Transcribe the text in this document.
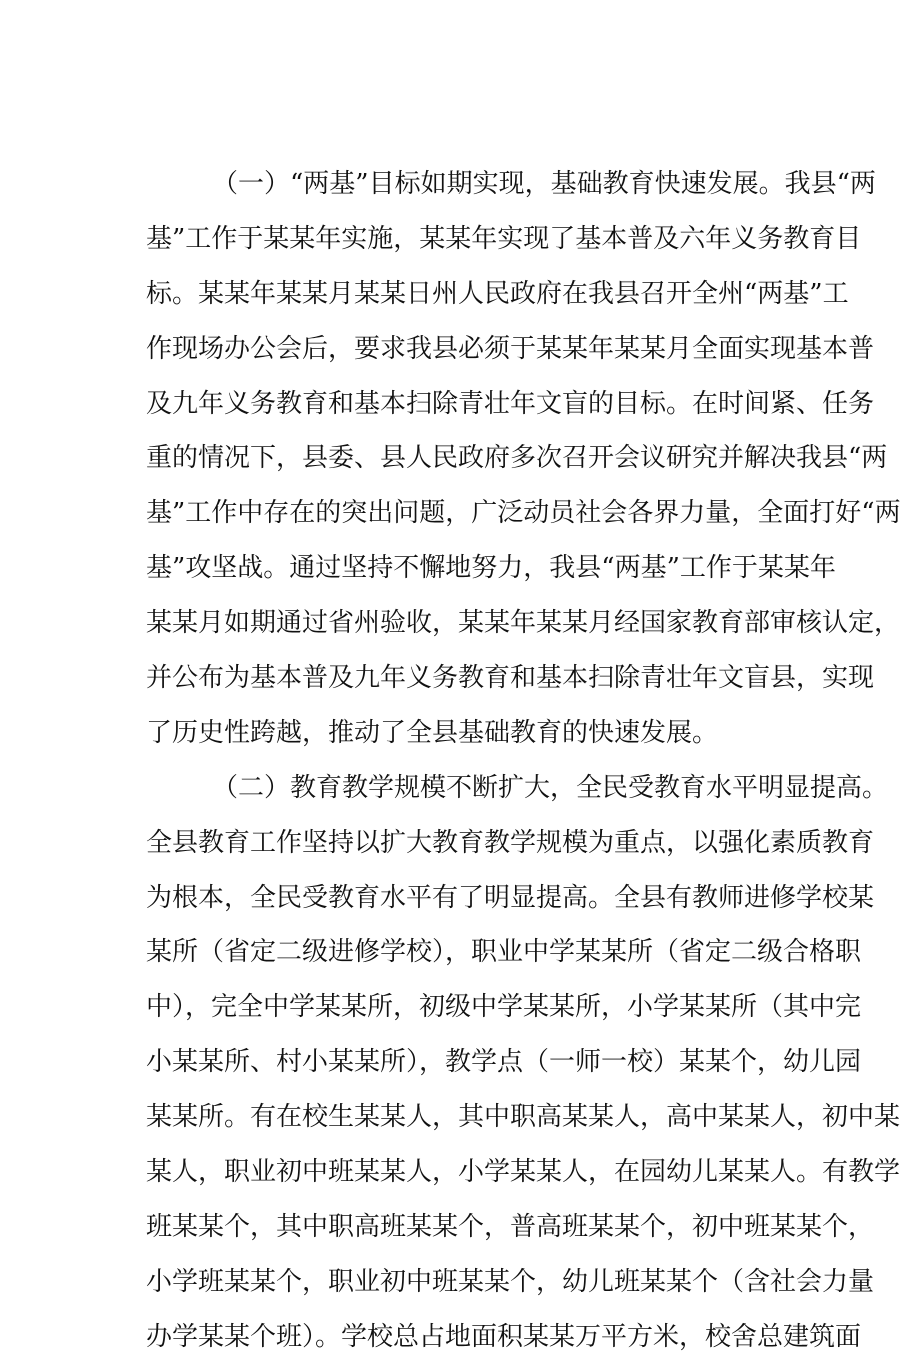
（一）“两基”目标如期实现，基础教育快速发展。我县“两
基”工作于某某年实施，某某年实现了基本普及六年义务教育目
标。某某年某某月某某日州人民政府在我县召开全州“两基”工
作现场办公会后，要求我县必须于某某年某某月全面实现基本普
及九年义务教育和基本扫除青壮年文盲的目标。在时间紧、任务
重的情况下，县委、县人民政府多次召开会议研究并解决我县“两
基”工作中存在的突出问题，广泛动员社会各界力量，全面打好“两
基”攻坚战。通过坚持不懈地努力，我县“两基”工作于某某年
某某月如期通过省州验收，某某年某某月经国家教育部审核认定，
并公布为基本普及九年义务教育和基本扫除青壮年文盲县，实现
了历史性跨越，推动了全县基础教育的快速发展。
（二）教育教学规模不断扩大，全民受教育水平明显提高。
全县教育工作坚持以扩大教育教学规模为重点，以强化素质教育
为根本，全民受教育水平有了明显提高。全县有教师进修学校某
某所（省定二级进修学校），职业中学某某所（省定二级合格职
中），完全中学某某所，初级中学某某所，小学某某所（其中完
小某某所、村小某某所），教学点（一师一校）某某个，幼儿园
某某所。有在校生某某人，其中职高某某人，高中某某人，初中某
某人，职业初中班某某人，小学某某人，在园幼儿某某人。有教学
班某某个，其中职高班某某个，普高班某某个，初中班某某个，
小学班某某个，职业初中班某某个，幼儿班某某个（含社会力量
办学某某个班）。学校总占地面积某某万平方米，校舍总建筑面
